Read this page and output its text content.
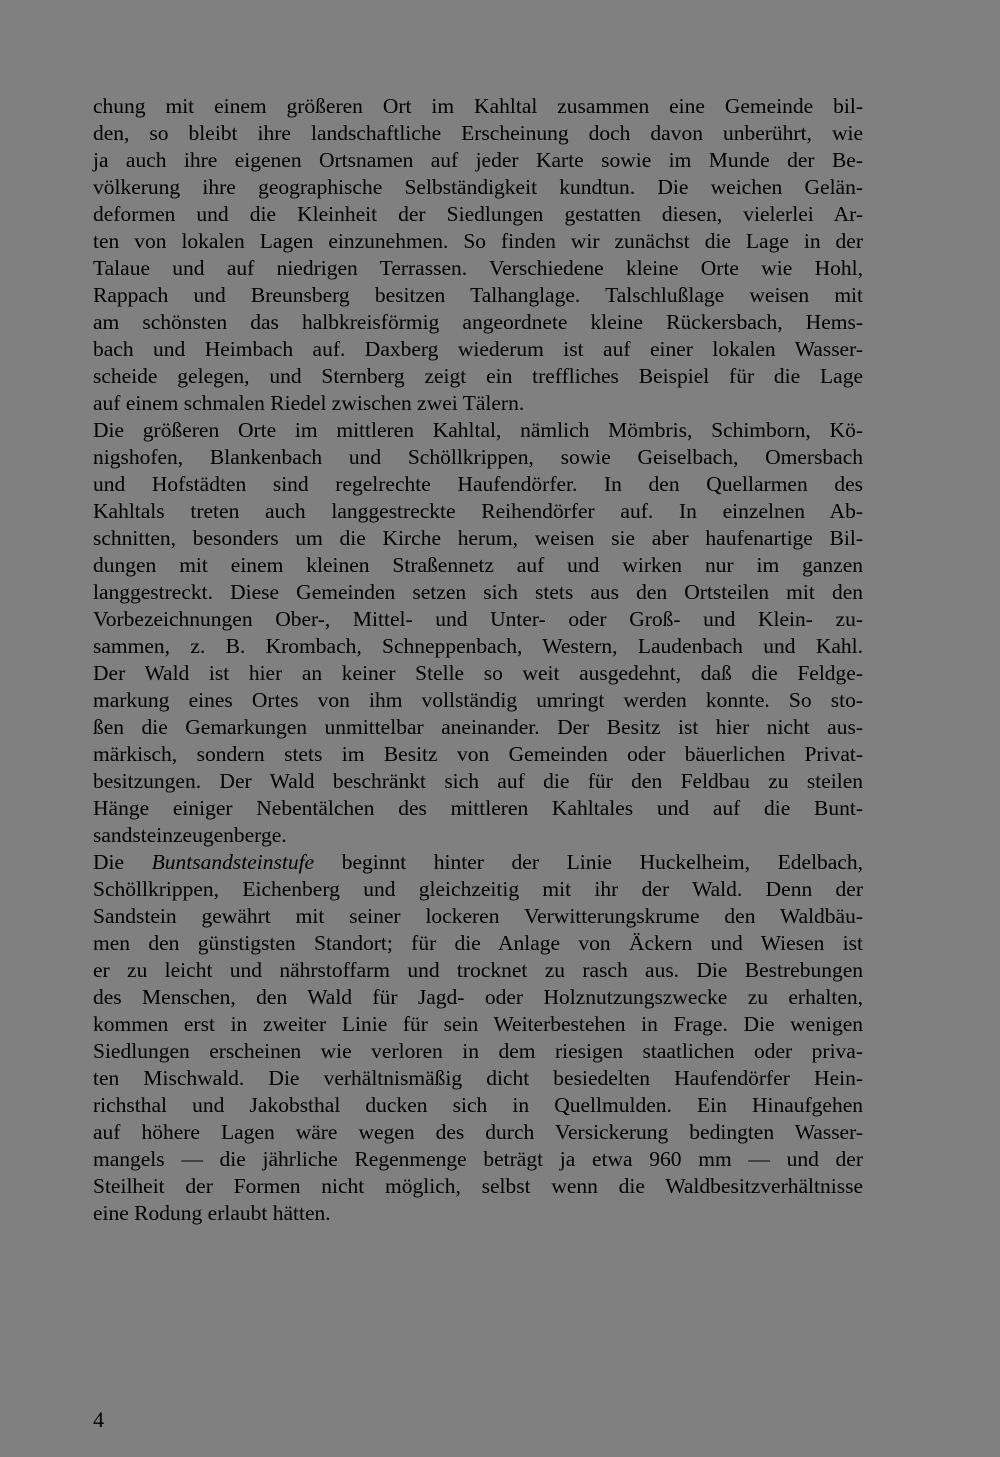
chung mit einem größeren Ort im Kahltal zusammen eine Gemeinde bil-
den, so bleibt ihre landschaftliche Erscheinung doch davon unberührt, wie
ja auch ihre eigenen Ortsnamen auf jeder Karte sowie im Munde der Be-
völkerung ihre geographische Selbständigkeit kundtun. Die weichen Gelän-
deformen und die Kleinheit der Siedlungen gestatten diesen, vielerlei Ar-
ten von lokalen Lagen einzunehmen. So finden wir zunächst die Lage in der
Talaue und auf niedrigen Terrassen. Verschiedene kleine Orte wie Hohl,
Rappach und Breunsberg besitzen Talhanglage. Talschlußlage weisen mit
am schönsten das halbkreisförmig angeordnete kleine Rückersbach, Hems-
bach und Heimbach auf. Daxberg wiederum ist auf einer lokalen Wasser-
scheide gelegen, und Sternberg zeigt ein treffliches Beispiel für die Lage
auf einem schmalen Riedel zwischen zwei Tälern.
Die größeren Orte im mittleren Kahltal, nämlich Mömbris, Schimborn, Kö-
nigshofen, Blankenbach und Schöllkrippen, sowie Geiselbach, Omersbach
und Hofstädten sind regelrechte Haufendörfer. In den Quellarmen des
Kahltals treten auch langgestreckte Reihendörfer auf. In einzelnen Ab-
schnitten, besonders um die Kirche herum, weisen sie aber haufenartige Bil-
dungen mit einem kleinen Straßennetz auf und wirken nur im ganzen
langgestreckt. Diese Gemeinden setzen sich stets aus den Ortsteilen mit den
Vorbezeichnungen Ober-, Mittel- und Unter- oder Groß- und Klein- zu-
sammen, z. B. Krombach, Schneppenbach, Western, Laudenbach und Kahl.
Der Wald ist hier an keiner Stelle so weit ausgedehnt, daß die Feldge-
markung eines Ortes von ihm vollständig umringt werden konnte. So sto-
ßen die Gemarkungen unmittelbar aneinander. Der Besitz ist hier nicht aus-
märkisch, sondern stets im Besitz von Gemeinden oder bäuerlichen Privat-
besitzungen. Der Wald beschränkt sich auf die für den Feldbau zu steilen
Hänge einiger Nebentälchen des mittleren Kahltales und auf die Bunt-
sandsteinzeugenberge.
Die Buntsandsteinstufe beginnt hinter der Linie Huckelheim, Edelbach,
Schöllkrippen, Eichenberg und gleichzeitig mit ihr der Wald. Denn der
Sandstein gewährt mit seiner lockeren Verwitterungskrume den Waldbäu-
men den günstigsten Standort; für die Anlage von Äckern und Wiesen ist
er zu leicht und nährstoffarm und trocknet zu rasch aus. Die Bestrebungen
des Menschen, den Wald für Jagd- oder Holznutzungszwecke zu erhalten,
kommen erst in zweiter Linie für sein Weiterbestehen in Frage. Die wenigen
Siedlungen erscheinen wie verloren in dem riesigen staatlichen oder priva-
ten Mischwald. Die verhältnismäßig dicht besiedelten Haufendörfer Hein-
richsthal und Jakobsthal ducken sich in Quellmulden. Ein Hinaufgehen
auf höhere Lagen wäre wegen des durch Versickerung bedingten Wasser-
mangels — die jährliche Regenmenge beträgt ja etwa 960 mm — und der
Steilheit der Formen nicht möglich, selbst wenn die Waldbesitzverhältnisse
eine Rodung erlaubt hätten.
4
